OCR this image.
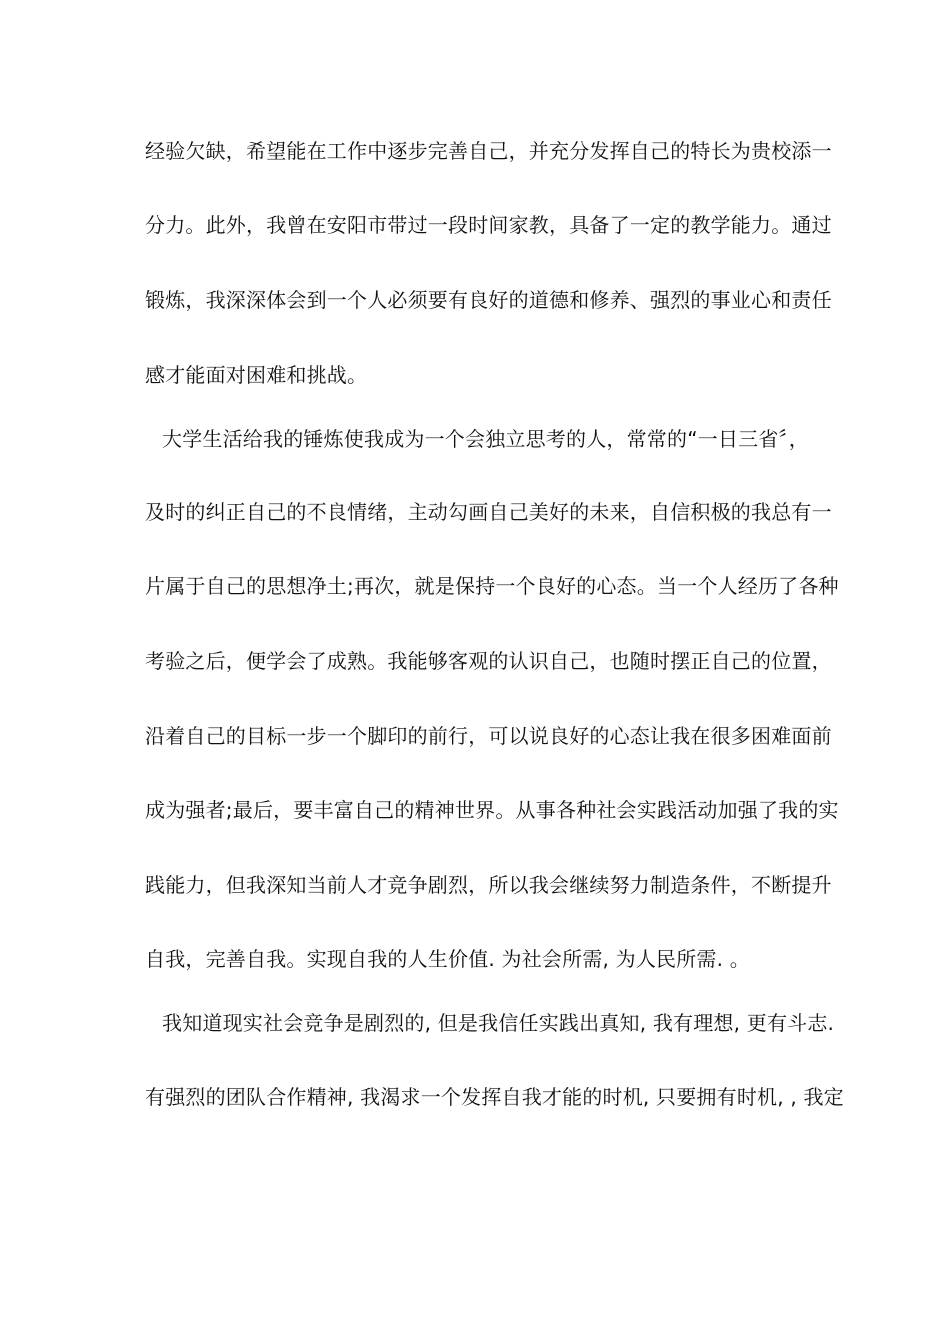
经验欠缺，希望能在工作中逐步完善自己，并充分发挥自己的特长为贵校添一
分力。此外，我曾在安阳市带过一段时间家教，具备了一定的教学能力。通过
锻炼，我深深体会到一个人必须要有良好的道德和修养、强烈的事业心和责任
感才能面对困难和挑战。
大学生活给我的锤炼使我成为一个会独立思考的人，常常的“一日三省〞，
及时的纠正自己的不良情绪，主动勾画自己美好的未来，自信积极的我总有一
片属于自己的思想净土;再次，就是保持一个良好的心态。当一个人经历了各种
考验之后，便学会了成熟。我能够客观的认识自己，也随时摆正自己的位置，
沿着自己的目标一步一个脚印的前行，可以说良好的心态让我在很多困难面前
成为强者;最后，要丰富自己的精神世界。从事各种社会实践活动加强了我的实
践能力，但我深知当前人才竞争剧烈，所以我会继续努力制造条件，不断提升
自我，完善自我。实现自我的人生价值. 为社会所需, 为人民所需. 。
我知道现实社会竞争是剧烈的, 但是我信任实践出真知, 我有理想, 更有斗志.
有强烈的团队合作精神, 我渴求一个发挥自我才能的时机, 只要拥有时机, , 我定
